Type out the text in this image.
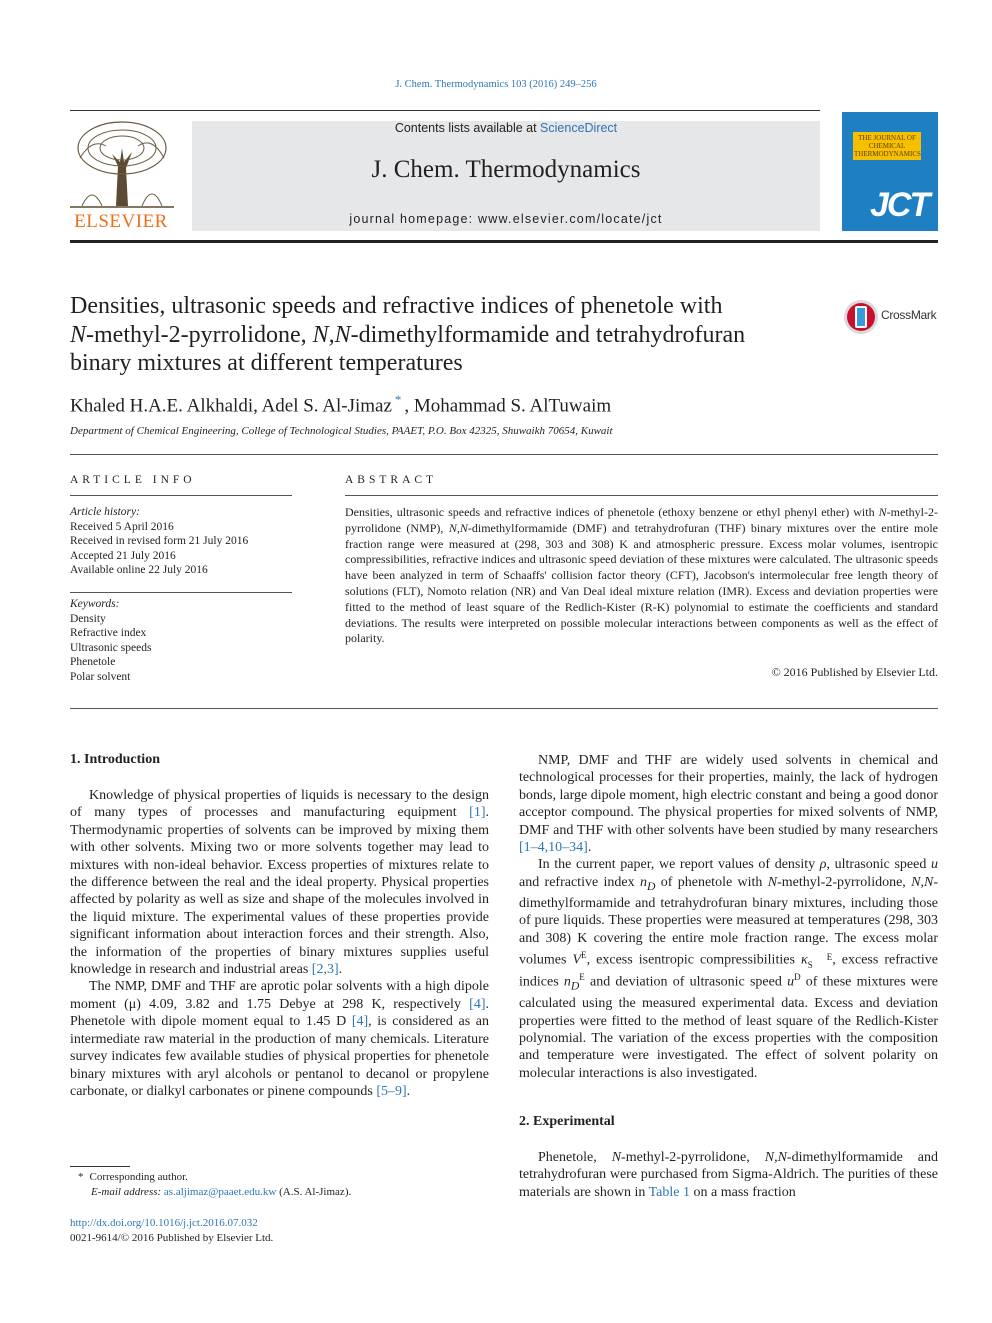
J. Chem. Thermodynamics 103 (2016) 249–256
ELSEVIER
Contents lists available at ScienceDirect
J. Chem. Thermodynamics
journal homepage: www.elsevier.com/locate/jct
THE JOURNAL OF CHEMICAL THERMODYNAMICS
JCT
Densities, ultrasonic speeds and refractive indices of phenetole with
N-methyl-2-pyrrolidone, N,N-dimethylformamide and tetrahydrofuran
binary mixtures at different temperatures
CrossMark
Khaled H.A.E. Alkhaldi, Adel S. Al-Jimaz * , Mohammad S. AlTuwaim
Department of Chemical Engineering, College of Technological Studies, PAAET, P.O. Box 42325, Shuwaikh 70654, Kuwait
ARTICLE INFO
Article history:
Received 5 April 2016
Received in revised form 21 July 2016
Accepted 21 July 2016
Available online 22 July 2016
Keywords:
Density
Refractive index
Ultrasonic speeds
Phenetole
Polar solvent
ABSTRACT
Densities, ultrasonic speeds and refractive indices of phenetole (ethoxy benzene or ethyl phenyl ether) with N-methyl-2-pyrrolidone (NMP), N,N-dimethylformamide (DMF) and tetrahydrofuran (THF) binary mixtures over the entire mole fraction range were measured at (298, 303 and 308) K and atmospheric pressure. Excess molar volumes, isentropic compressibilities, refractive indices and ultrasonic speed deviation of these mixtures were calculated. The ultrasonic speeds have been analyzed in term of Schaaffs' collision factor theory (CFT), Jacobson's intermolecular free length theory of solutions (FLT), Nomoto relation (NR) and Van Deal ideal mixture relation (IMR). Excess and deviation properties were fitted to the method of least square of the Redlich-Kister (R-K) polynomial to estimate the coefficients and standard deviations. The results were interpreted on possible molecular interactions between components as well as the effect of polarity.
© 2016 Published by Elsevier Ltd.
1. Introduction

Knowledge of physical properties of liquids is necessary to the design of many types of processes and manufacturing equipment [1]. Thermodynamic properties of solvents can be improved by mixing them with other solvents. Mixing two or more solvents together may lead to mixtures with non-ideal behavior. Excess properties of mixtures relate to the difference between the real and the ideal property. Physical properties affected by polarity as well as size and shape of the molecules involved in the liquid mixture. The experimental values of these properties provide significant information about interaction forces and their strength. Also, the information of the properties of binary mixtures supplies useful knowledge in research and industrial areas [2,3].

The NMP, DMF and THF are aprotic polar solvents with a high dipole moment (μ) 4.09, 3.82 and 1.75 Debye at 298 K, respectively [4]. Phenetole with dipole moment equal to 1.45 D [4], is considered as an intermediate raw material in the production of many chemicals. Literature survey indicates few available studies of physical properties for phenetole binary mixtures with aryl alcohols or pentanol to decanol or propylene carbonate, or dialkyl carbonates or pinene compounds [5–9].

NMP, DMF and THF are widely used solvents in chemical and technological processes for their properties, mainly, the lack of hydrogen bonds, large dipole moment, high electric constant and being a good donor acceptor compound. The physical properties for mixed solvents of NMP, DMF and THF with other solvents have been studied by many researchers [1–4,10–34].

In the current paper, we report values of density ρ, ultrasonic speed u and refractive index $n_D$ of phenetole with N-methyl-2-pyrrolidone, N,N-dimethylformamide and tetrahydrofuran binary mixtures, including those of pure liquids. These properties were measured at temperatures (298, 303 and 308) K covering the entire mole fraction range. The excess molar volumes $V^E$, excess isentropic compressibilities κ E
S , excess refractive indices $n_D^E$ and deviation of ultrasonic speed $u^D$ of these mixtures were calculated using the measured experimental data. Excess and deviation properties were fitted to the method of least square of the Redlich-Kister polynomial. The variation of the excess properties with the composition and temperature were investigated. The effect of solvent polarity on molecular interactions is also investigated.

2. Experimental

Phenetole, N-methyl-2-pyrrolidone, N,N-dimethylformamide and tetrahydrofuran were purchased from Sigma-Aldrich. The purities of these materials are shown in Table 1 on a mass fraction

* Corresponding author.
E-mail address: as.aljimaz@paaet.edu.kw (A.S. Al-Jimaz).
http://dx.doi.org/10.1016/j.jct.2016.07.032
0021-9614/© 2016 Published by Elsevier Ltd.
